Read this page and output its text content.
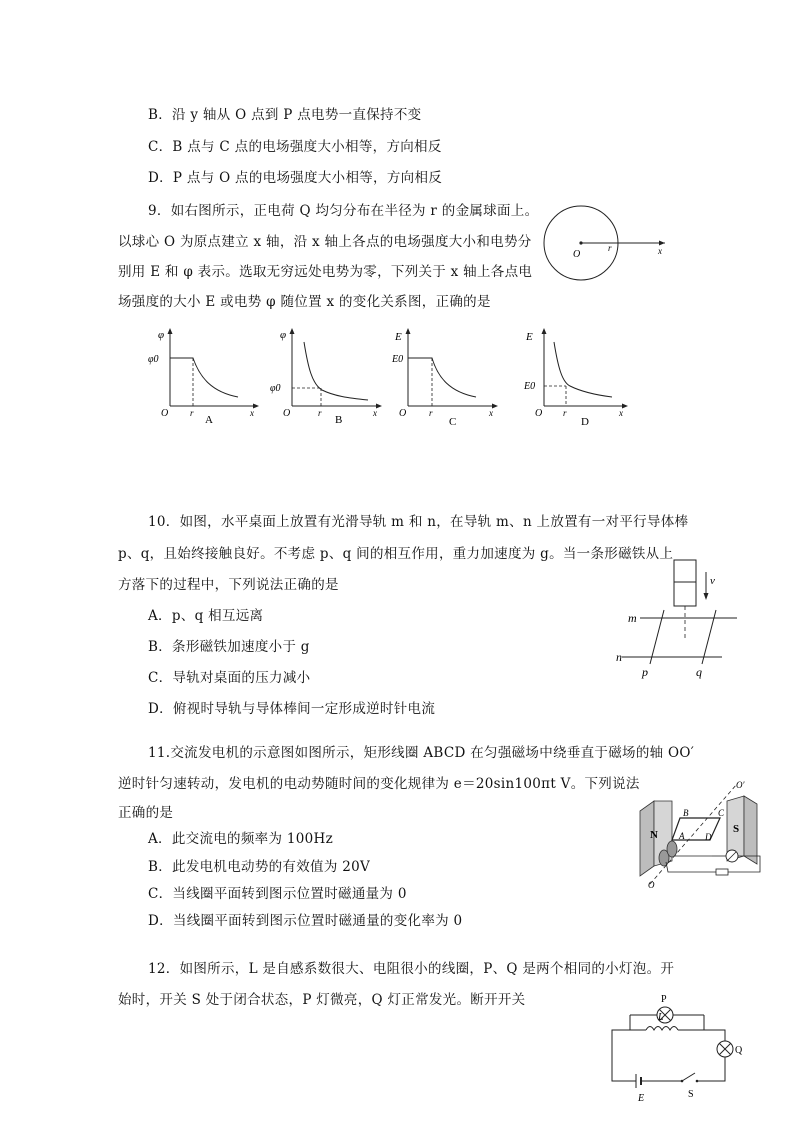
B．沿 y 轴从 O 点到 P 点电势一直保持不变
C．B 点与 C 点的电场强度大小相等，方向相反
D．P 点与 O 点的电场强度大小相等，方向相反
9．如右图所示，正电荷 Q 均匀分布在半径为 r 的金属球面上。
以球心 O 为原点建立 x 轴，沿 x 轴上各点的电场强度大小和电势分
别用 E 和 φ 表示。选取无穷远处电势为零，下列关于 x 轴上各点电
场强度的大小 E 或电势 φ 随位置 x 的变化关系图，正确的是
O
r	x
φ
φ0
O r	x
A
φ
φ0
O	r	x
B
E
E0
O	r	x
C
E
E0
O r	x
D
10．如图，水平桌面上放置有光滑导轨 m 和 n，在导轨 m、n 上放置有一对平行导体棒
p、q，且始终接触良好。不考虑 p、q 间的相互作用，重力加速度为 g。当一条形磁铁从上
方落下的过程中，下列说法正确的是
A．p、q 相互远离
B．条形磁铁加速度小于 g
C．导轨对桌面的压力减小
D．俯视时导轨与导体棒间一定形成逆时针电流
v
m
n
p	q
11.交流发电机的示意图如图所示，矩形线圈 ABCD 在匀强磁场中绕垂直于磁场的轴 OO′
逆时针匀速转动，发电机的电动势随时间的变化规律为 e＝20sin100πt V。下列说法
正确的是
A．此交流电的频率为 100Hz
B．此发电机电动势的有效值为 20V
C．当线圈平面转到图示位置时磁通量为 0
D．当线圈平面转到图示位置时磁通量的变化率为 0
N	S
B	C
A D
O′
O
12．如图所示，L 是自感系数很大、电阻很小的线圈，P、Q 是两个相同的小灯泡。开
始时，开关 S 处于闭合状态，P 灯微亮，Q 灯正常发光。断开开关	P
L
Q
E	S
